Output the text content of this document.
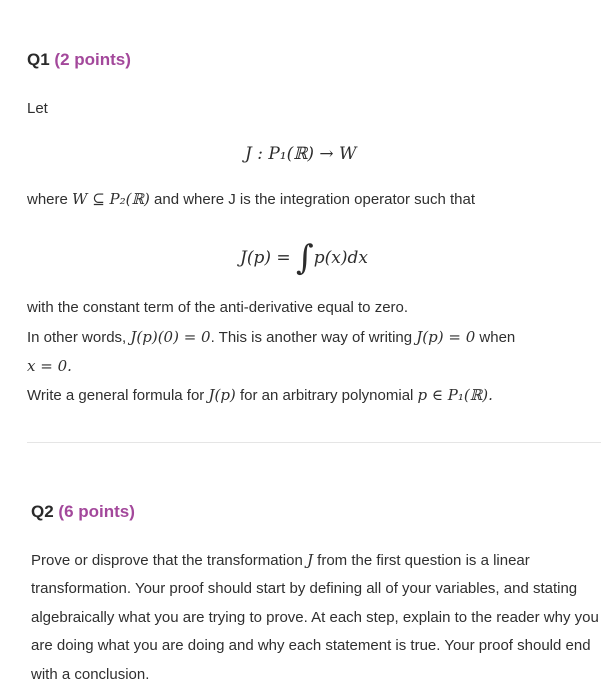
Q1 (2 points)
Let
J : P₁(ℝ) → W
where W ⊆ P₂(ℝ) and where J is the integration operator such that
J(p) = ∫p(x)dx
with the constant term of the anti-derivative equal to zero.
In other words, J(p)(0) = 0. This is another way of writing J(p) = 0 when
x = 0.
Write a general formula for J(p) for an arbitrary polynomial p ∈ P₁(ℝ).
Q2 (6 points)
Prove or disprove that the transformation J from the first question is a linear transformation. Your proof should start by defining all of your variables, and stating algebraically what you are trying to prove. At each step, explain to the reader why you are doing what you are doing and why each statement is true. Your proof should end with a conclusion.
